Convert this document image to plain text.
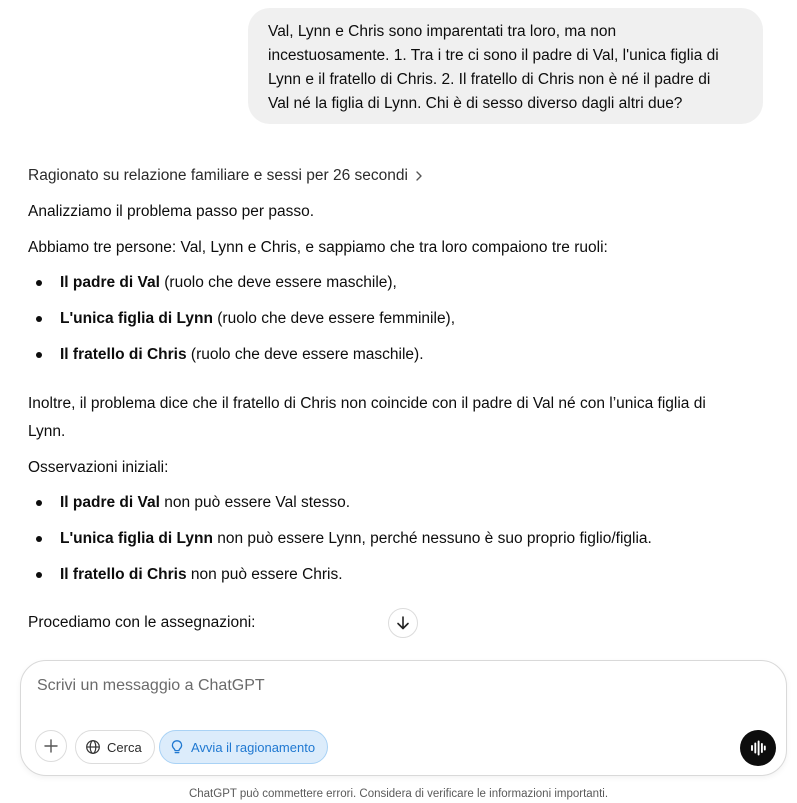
Val, Lynn e Chris sono imparentati tra loro, ma non
incestuosamente. 1. Tra i tre ci sono il padre di Val, l'unica figlia di
Lynn e il fratello di Chris. 2. Il fratello di Chris non è né il padre di
Val né la figlia di Lynn. Chi è di sesso diverso dagli altri due?
Ragionato su relazione familiare e sessi per 26 secondi
Analizziamo il problema passo per passo.
Abbiamo tre persone: Val, Lynn e Chris, e sappiamo che tra loro compaiono tre ruoli:
Il padre di Val (ruolo che deve essere maschile),
L'unica figlia di Lynn (ruolo che deve essere femminile),
Il fratello di Chris (ruolo che deve essere maschile).
Inoltre, il problema dice che il fratello di Chris non coincide con il padre di Val né con l’unica figlia di
Lynn.
Osservazioni iniziali:
Il padre di Val non può essere Val stesso.
L'unica figlia di Lynn non può essere Lynn, perché nessuno è suo proprio figlio/figlia.
Il fratello di Chris non può essere Chris.
Procediamo con le assegnazioni:
Scrivi un messaggio a ChatGPT
Cerca	Avvia il ragionamento
ChatGPT può commettere errori. Considera di verificare le informazioni importanti.
